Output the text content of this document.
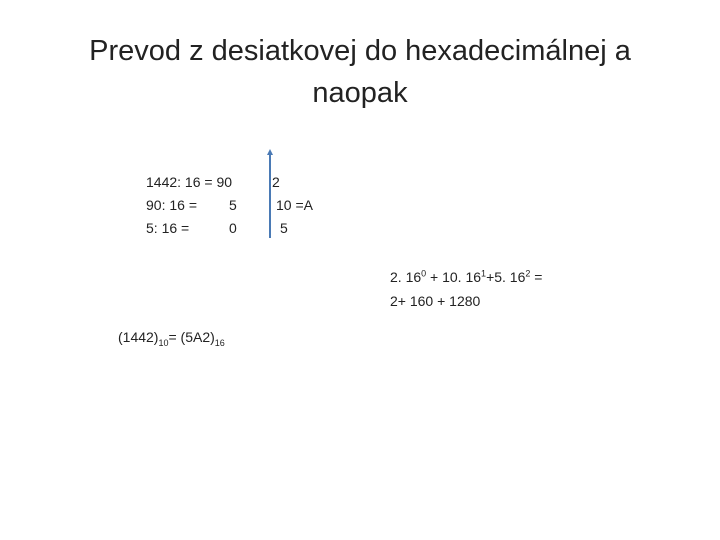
Prevod z desiatkovej do hexadecimálnej a naopak
1442: 16 = 90
90: 16 = 5
5: 16 =	0
2
10 =A
5
2. $16^0 + 10$. $16^1+5$. $16^2$ =
2+ 160 + 1280
$(1442)_{10}= (5A2)_{16}$
